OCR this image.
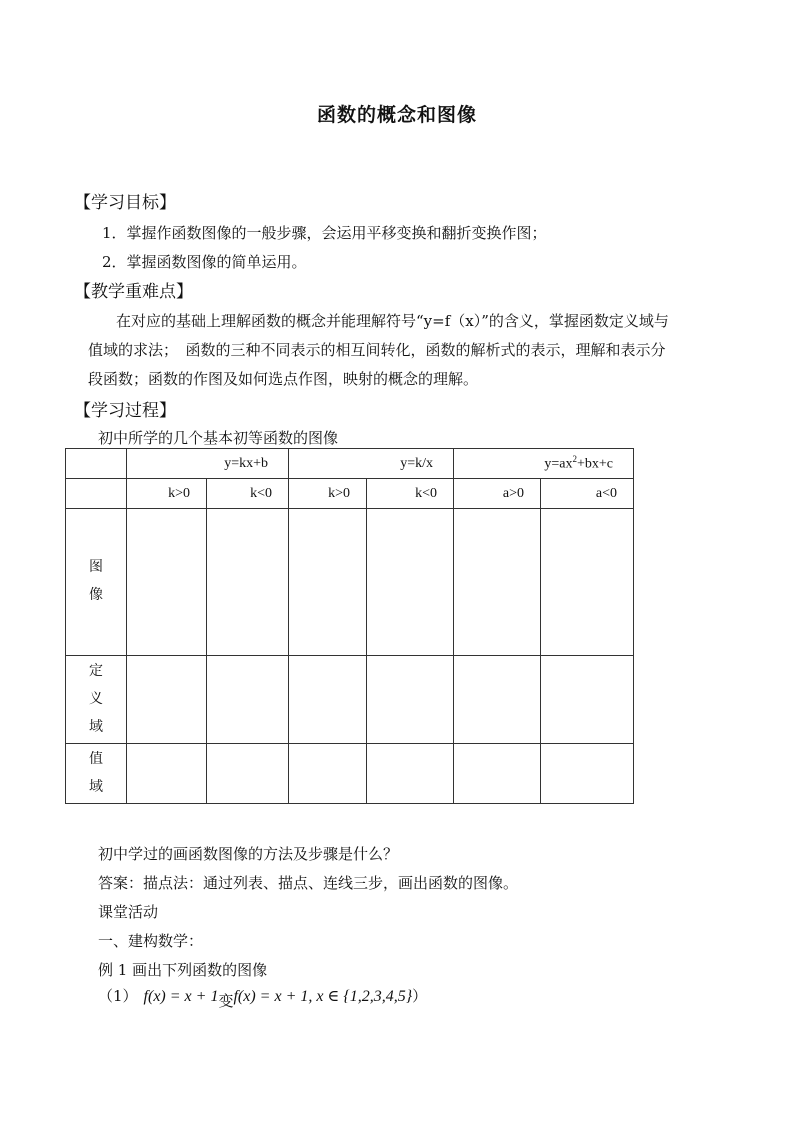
函数的概念和图像
【学习目标】
1．掌握作函数图像的一般步骤，会运用平移变换和翻折变换作图；
2．掌握函数图像的简单运用。
【教学重难点】
在对应的基础上理解函数的概念并能理解符号“y=f（x）”的含义，掌握函数定义域与
值域的求法；　函数的三种不同表示的相互间转化，函数的解析式的表示，理解和表示分
段函数；函数的作图及如何选点作图，映射的概念的理解。
【学习过程】
初中所学的几个基本初等函数的图像
	y=kx+b		y=k/x		$y=ax^2+bx+c$	
	k>0	k<0	k>0	k<0	a>0	a<0

图
像						

定
义
域						

值
域						

初中学过的画函数图像的方法及步骤是什么？
答案：描点法：通过列表、描点、连线三步，画出函数的图像。
课堂活动
一、建构数学：
例 1 画出下列函数的图像
（1） f(x) = x + 1 变 f(x) = x + 1, x ∈ {1,2,3,4,5} ）
